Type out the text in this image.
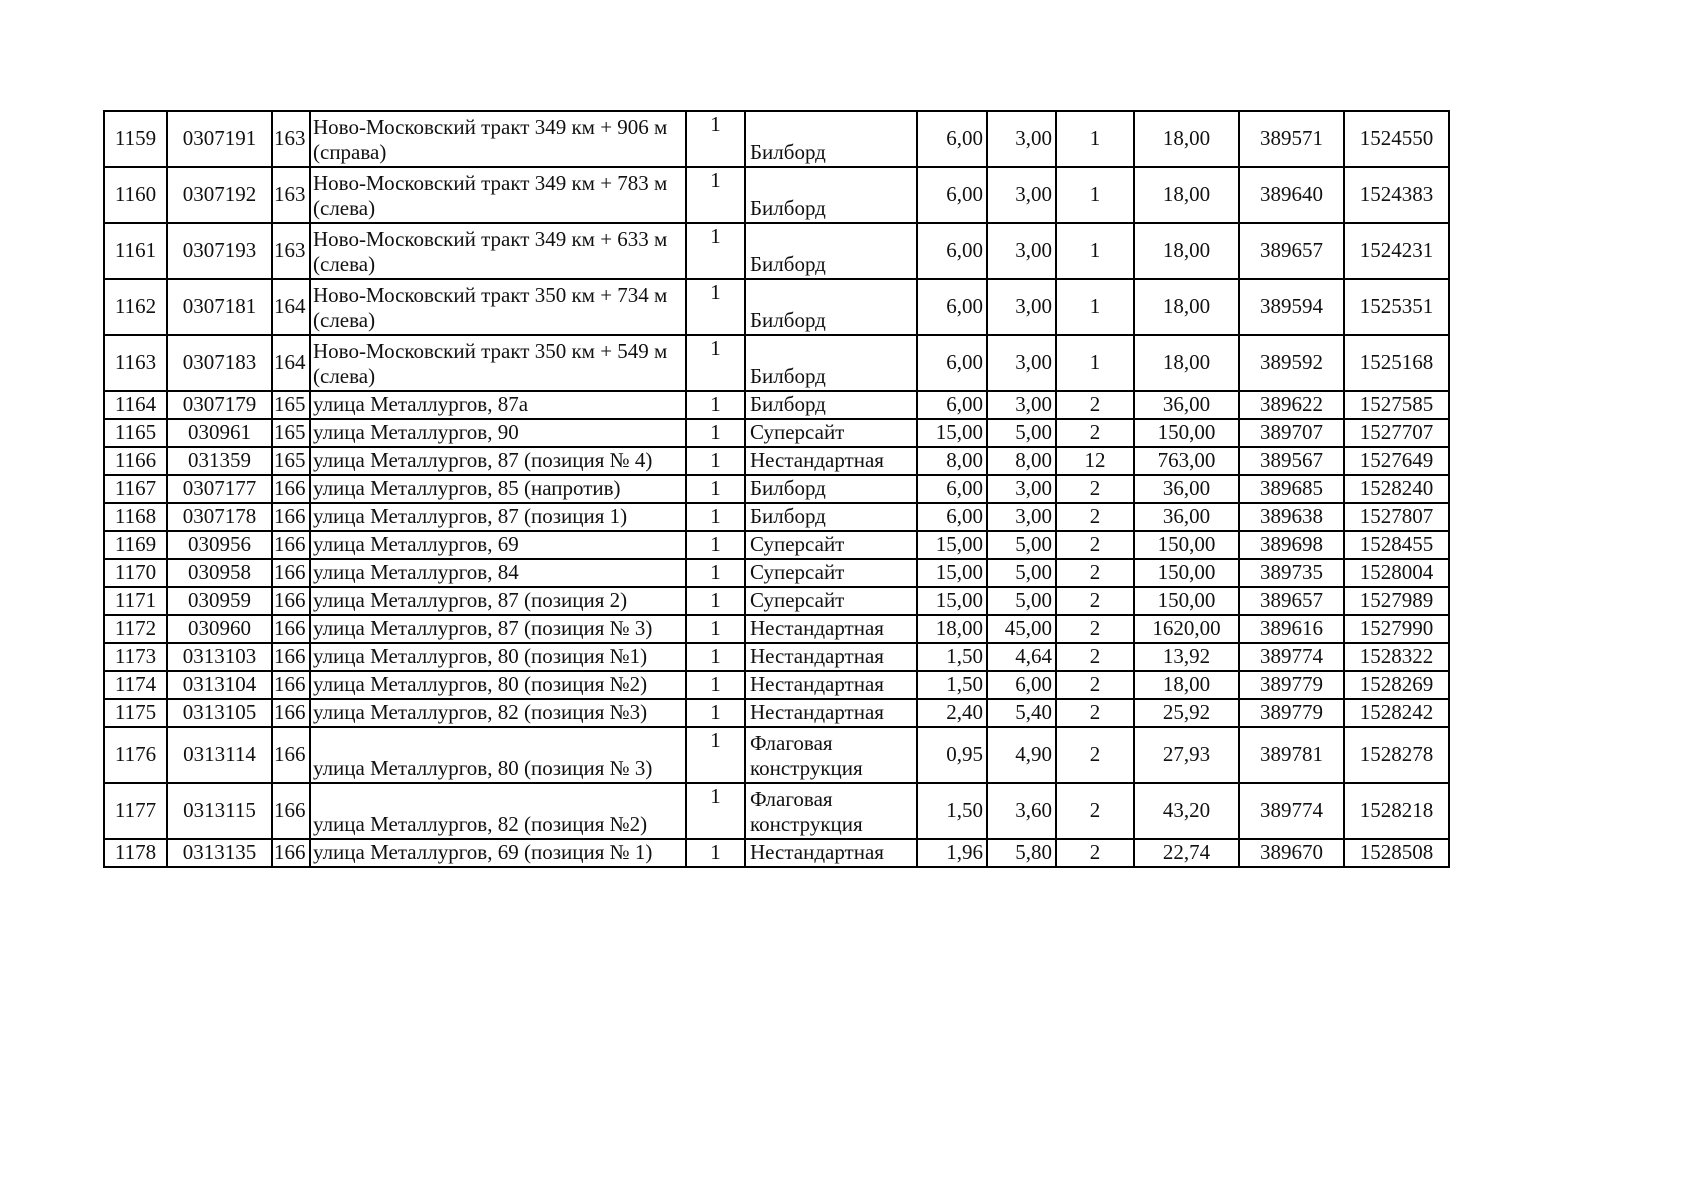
1159	0307191	163	Ново-Московский тракт 349 км + 906 м (справа)	1	Билборд	6,00	3,00	1	18,00	389571	1524550
1160	0307192	163	Ново-Московский тракт 349 км + 783 м (слева)	1	Билборд	6,00	3,00	1	18,00	389640	1524383
1161	0307193	163	Ново-Московский тракт 349 км + 633 м (слева)	1	Билборд	6,00	3,00	1	18,00	389657	1524231
1162	0307181	164	Ново-Московский тракт 350 км + 734 м (слева)	1	Билборд	6,00	3,00	1	18,00	389594	1525351
1163	0307183	164	Ново-Московский тракт 350 км + 549 м (слева)	1	Билборд	6,00	3,00	1	18,00	389592	1525168
1164	0307179	165	улица Металлургов, 87а	1	Билборд	6,00	3,00	2	36,00	389622	1527585
1165	030961	165	улица Металлургов, 90	1	Суперсайт	15,00	5,00	2	150,00	389707	1527707
1166	031359	165	улица Металлургов, 87 (позиция № 4)	1	Нестандартная	8,00	8,00	12	763,00	389567	1527649
1167	0307177	166	улица Металлургов, 85 (напротив)	1	Билборд	6,00	3,00	2	36,00	389685	1528240
1168	0307178	166	улица Металлургов, 87 (позиция 1)	1	Билборд	6,00	3,00	2	36,00	389638	1527807
1169	030956	166	улица Металлургов, 69	1	Суперсайт	15,00	5,00	2	150,00	389698	1528455
1170	030958	166	улица Металлургов, 84	1	Суперсайт	15,00	5,00	2	150,00	389735	1528004
1171	030959	166	улица Металлургов, 87 (позиция 2)	1	Суперсайт	15,00	5,00	2	150,00	389657	1527989
1172	030960	166	улица Металлургов, 87 (позиция № 3)	1	Нестандартная	18,00	45,00	2	1620,00	389616	1527990
1173	0313103	166	улица Металлургов, 80 (позиция №1)	1	Нестандартная	1,50	4,64	2	13,92	389774	1528322
1174	0313104	166	улица Металлургов, 80 (позиция №2)	1	Нестандартная	1,50	6,00	2	18,00	389779	1528269
1175	0313105	166	улица Металлургов, 82 (позиция №3)	1	Нестандартная	2,40	5,40	2	25,92	389779	1528242
1176	0313114	166	улица Металлургов, 80 (позиция № 3)	1	Флаговая конструкция	0,95	4,90	2	27,93	389781	1528278
1177	0313115	166	улица Металлургов, 82 (позиция №2)	1	Флаговая конструкция	1,50	3,60	2	43,20	389774	1528218
1178	0313135	166	улица Металлургов, 69 (позиция № 1)	1	Нестандартная	1,96	5,80	2	22,74	389670	1528508
